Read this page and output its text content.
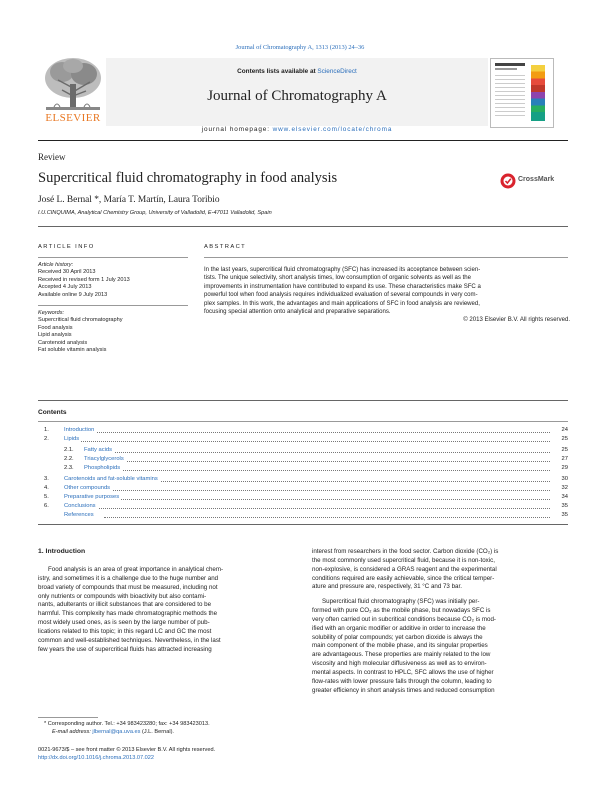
Journal of Chromatography A, 1313 (2013) 24–36
Contents lists available at ScienceDirect
Journal of Chromatography A
journal homepage: www.elsevier.com/locate/chroma
ELSEVIER
Review
Supercritical fluid chromatography in food analysis	CrossMark
José L. Bernal *, María T. Martín, Laura Toribio
I.U.CINQUIMA, Analytical Chemistry Group, University of Valladolid, E-47011 Valladolid, Spain
ARTICLE INFO
Article history:
Received 30 April 2013
Received in revised form 1 July 2013
Accepted 4 July 2013
Available online 9 July 2013
Keywords:
Supercritical fluid chromatography
Food analysis
Lipid analysis
Carotenoid analysis
Fat soluble vitamin analysis
ABSTRACT
In the last years, supercritical fluid chromatography (SFC) has increased its acceptance between scien-
tists. The unique selectivity, short analysis times, low consumption of organic solvents as well as the
improvements in instrumentation have contributed to expand its use. These characteristics make SFC a
powerful tool when food analysis requires individualized evaluation of several compounds in very com-
plex samples. In this work, the advantages and main applications of SFC in food analysis are reviewed,
focusing special attention onto analytical and preparative separations.
© 2013 Elsevier B.V. All rights reserved.
Contents
1.	Introduction	24
2.	Lipids	25
2.1. Fatty acids	25
2.2. Triacylglycerols	27
2.3. Phospholipids	29
3.	Carotenoids and fat-soluble vitamins	30
4.	Other compounds	32
5.	Preparative purposes	34
6.	Conclusions	35
References	35
1. Introduction
Food analysis is an area of great importance in analytical chem-
istry, and sometimes it is a challenge due to the huge number and
broad variety of compounds that must be measured, including not
only nutrients or compounds with bioactivity but also contami-
nants, adulterants or illicit substances that are considered to be
harmful. This complexity has made chromatographic methods the
most widely used ones, as is seen by the large number of pub-
lications related to this topic; in this regard LC and GC the most
common and well-established techniques. Nevertheless, in the last
few years the use of supercritical fluids has attracted increasing
interest from researchers in the food sector. Carbon dioxide (CO₂) is
the most commonly used supercritical fluid, because it is non-toxic,
non-explosive, is considered a GRAS reagent and the experimental
conditions required are easily achievable, since the critical temper-
ature and pressure are, respectively, 31 °C and 73 bar.
Supercritical fluid chromatography (SFC) was initially per-
formed with pure CO₂ as the mobile phase, but nowadays SFC is
very often carried out in subcritical conditions because CO₂ is mod-
ified with an organic modifier or additive in order to increase the
solubility of polar compounds; yet carbon dioxide is always the
main component of the mobile phase, and its singular properties
are advantageous. These properties are mainly related to the low
viscosity and high molecular diffusiveness as well as to environ-
mental aspects. In contrast to HPLC, SFC allows the use of higher
flow-rates with lower pressure falls through the column, leading to
greater efficiency in short analysis times and reduced consumption
* Corresponding author. Tel.: +34 983423280; fax: +34 983423013.
E-mail address: jlbernal@qa.uva.es (J.L. Bernal).
0021-9673/$ – see front matter © 2013 Elsevier B.V. All rights reserved.
http://dx.doi.org/10.1016/j.chroma.2013.07.022
